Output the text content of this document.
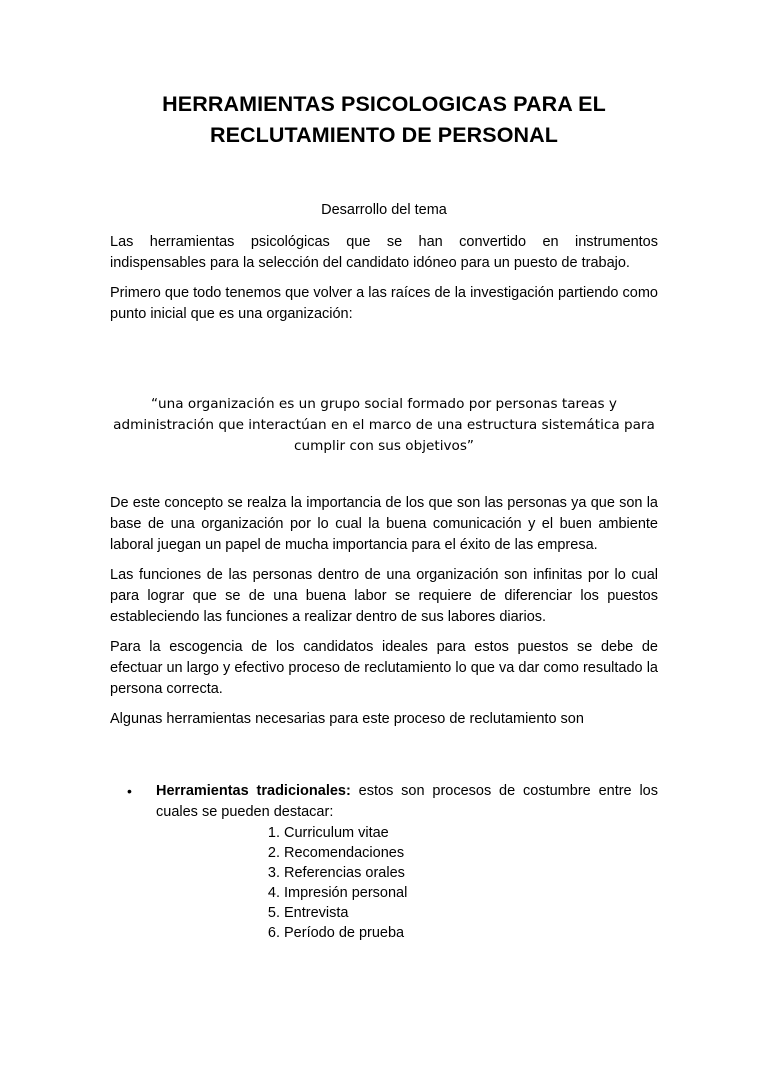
HERRAMIENTAS PSICOLOGICAS PARA EL
RECLUTAMIENTO DE PERSONAL
Desarrollo del tema

Las herramientas psicológicas que se han convertido en instrumentos indispensables para la selección del candidato idóneo para un puesto de trabajo.

Primero que todo tenemos que volver a las raíces de la investigación partiendo como punto inicial que es una organización:

“una organización es un grupo social formado por personas tareas y
administración que interactúan en el marco de una estructura sistemática para
cumplir con sus objetivos”

De este concepto se realza la importancia de los que son las personas ya que son la base de una organización por lo cual la buena comunicación y el buen ambiente laboral juegan un papel de mucha importancia para el éxito de las empresa.

Las funciones de las personas dentro de una organización son infinitas por lo cual para lograr que se de una buena labor se requiere de diferenciar los puestos estableciendo las funciones a realizar dentro de sus labores diarios.

Para la escogencia de los candidatos ideales para estos puestos se debe de efectuar un largo y efectivo proceso de reclutamiento lo que va dar como resultado la persona correcta.

Algunas herramientas necesarias para este proceso de reclutamiento son

• Herramientas tradicionales: estos son procesos de costumbre entre los cuales se pueden destacar:
1. Curriculum vitae
2. Recomendaciones
3. Referencias orales
4. Impresión personal
5. Entrevista
6. Período de prueba
